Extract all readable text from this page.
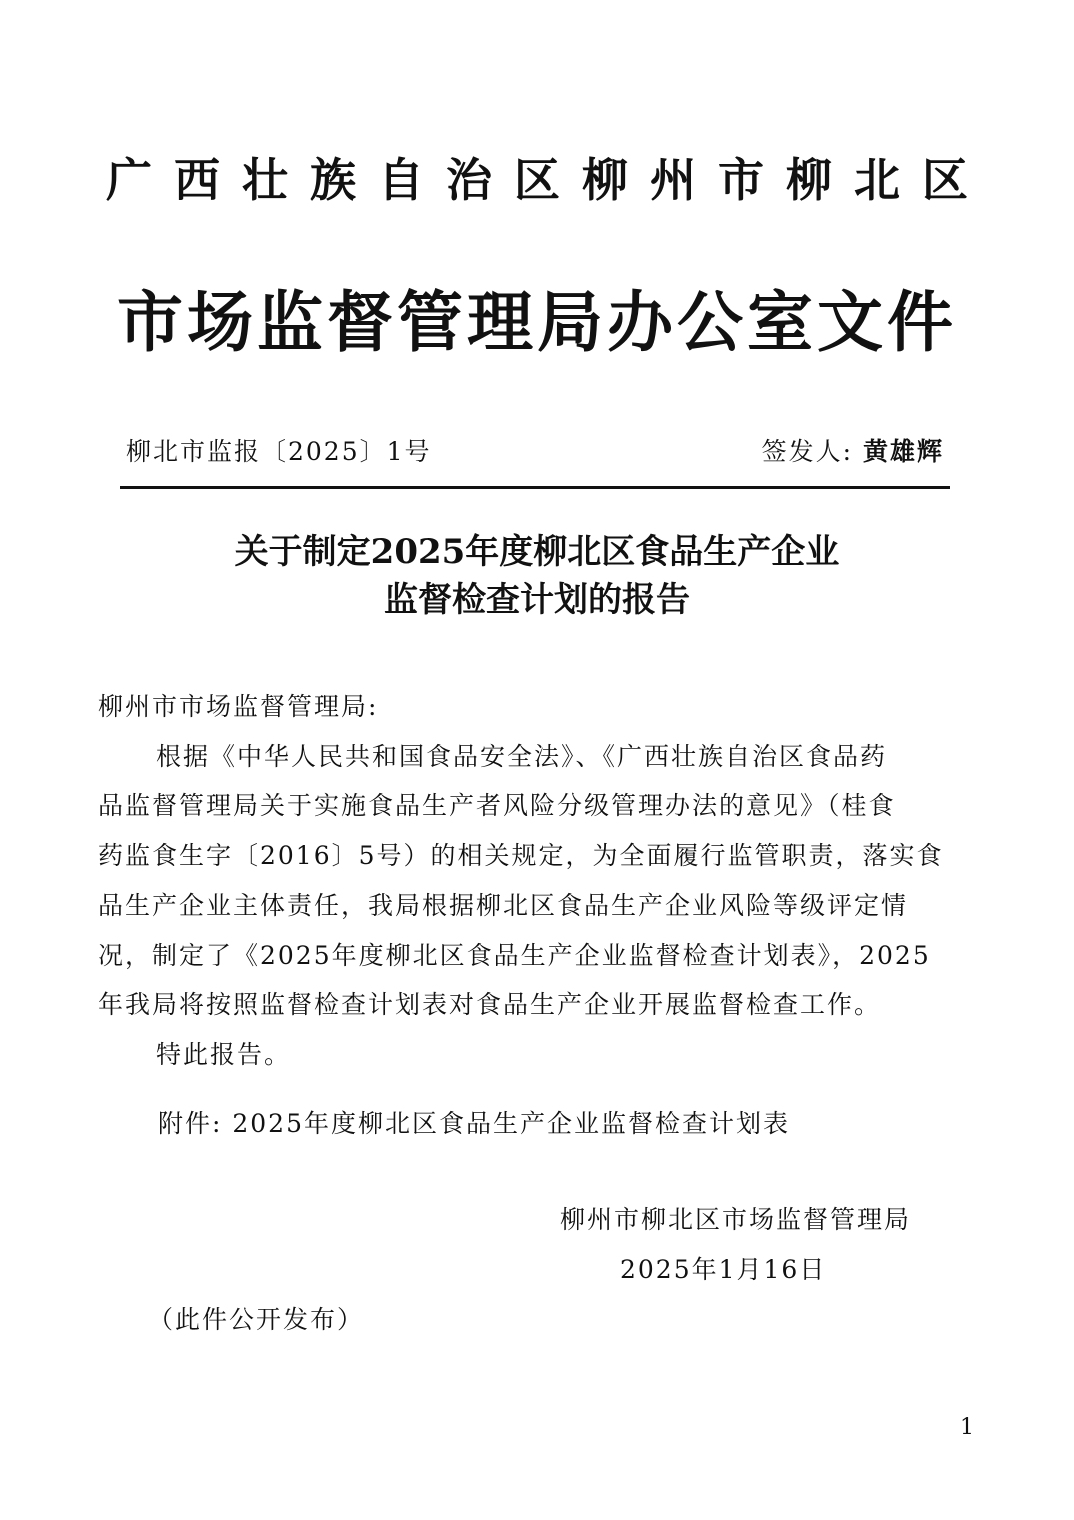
广西壮族自治区柳州市柳北区
市场监督管理局办公室文件
柳北市监报〔2025〕1号	签发人: 黄雄辉
关于制定2025年度柳北区食品生产企业
监督检查计划的报告

柳州市市场监督管理局:

根据《中华人民共和国食品安全法》、《广西壮族自治区食品药
品监督管理局关于实施食品生产者风险分级管理办法的意见》（桂食
药监食生字〔2016〕5号）的相关规定，为全面履行监管职责，落实食
品生产企业主体责任，我局根据柳北区食品生产企业风险等级评定情
况，制定了《2025年度柳北区食品生产企业监督检查计划表》，2025
年我局将按照监督检查计划表对食品生产企业开展监督检查工作。

特此报告。

附件: 2025年度柳北区食品生产企业监督检查计划表
柳州市柳北区市场监督管理局
2025年1月16日
（此件公开发布）
1
